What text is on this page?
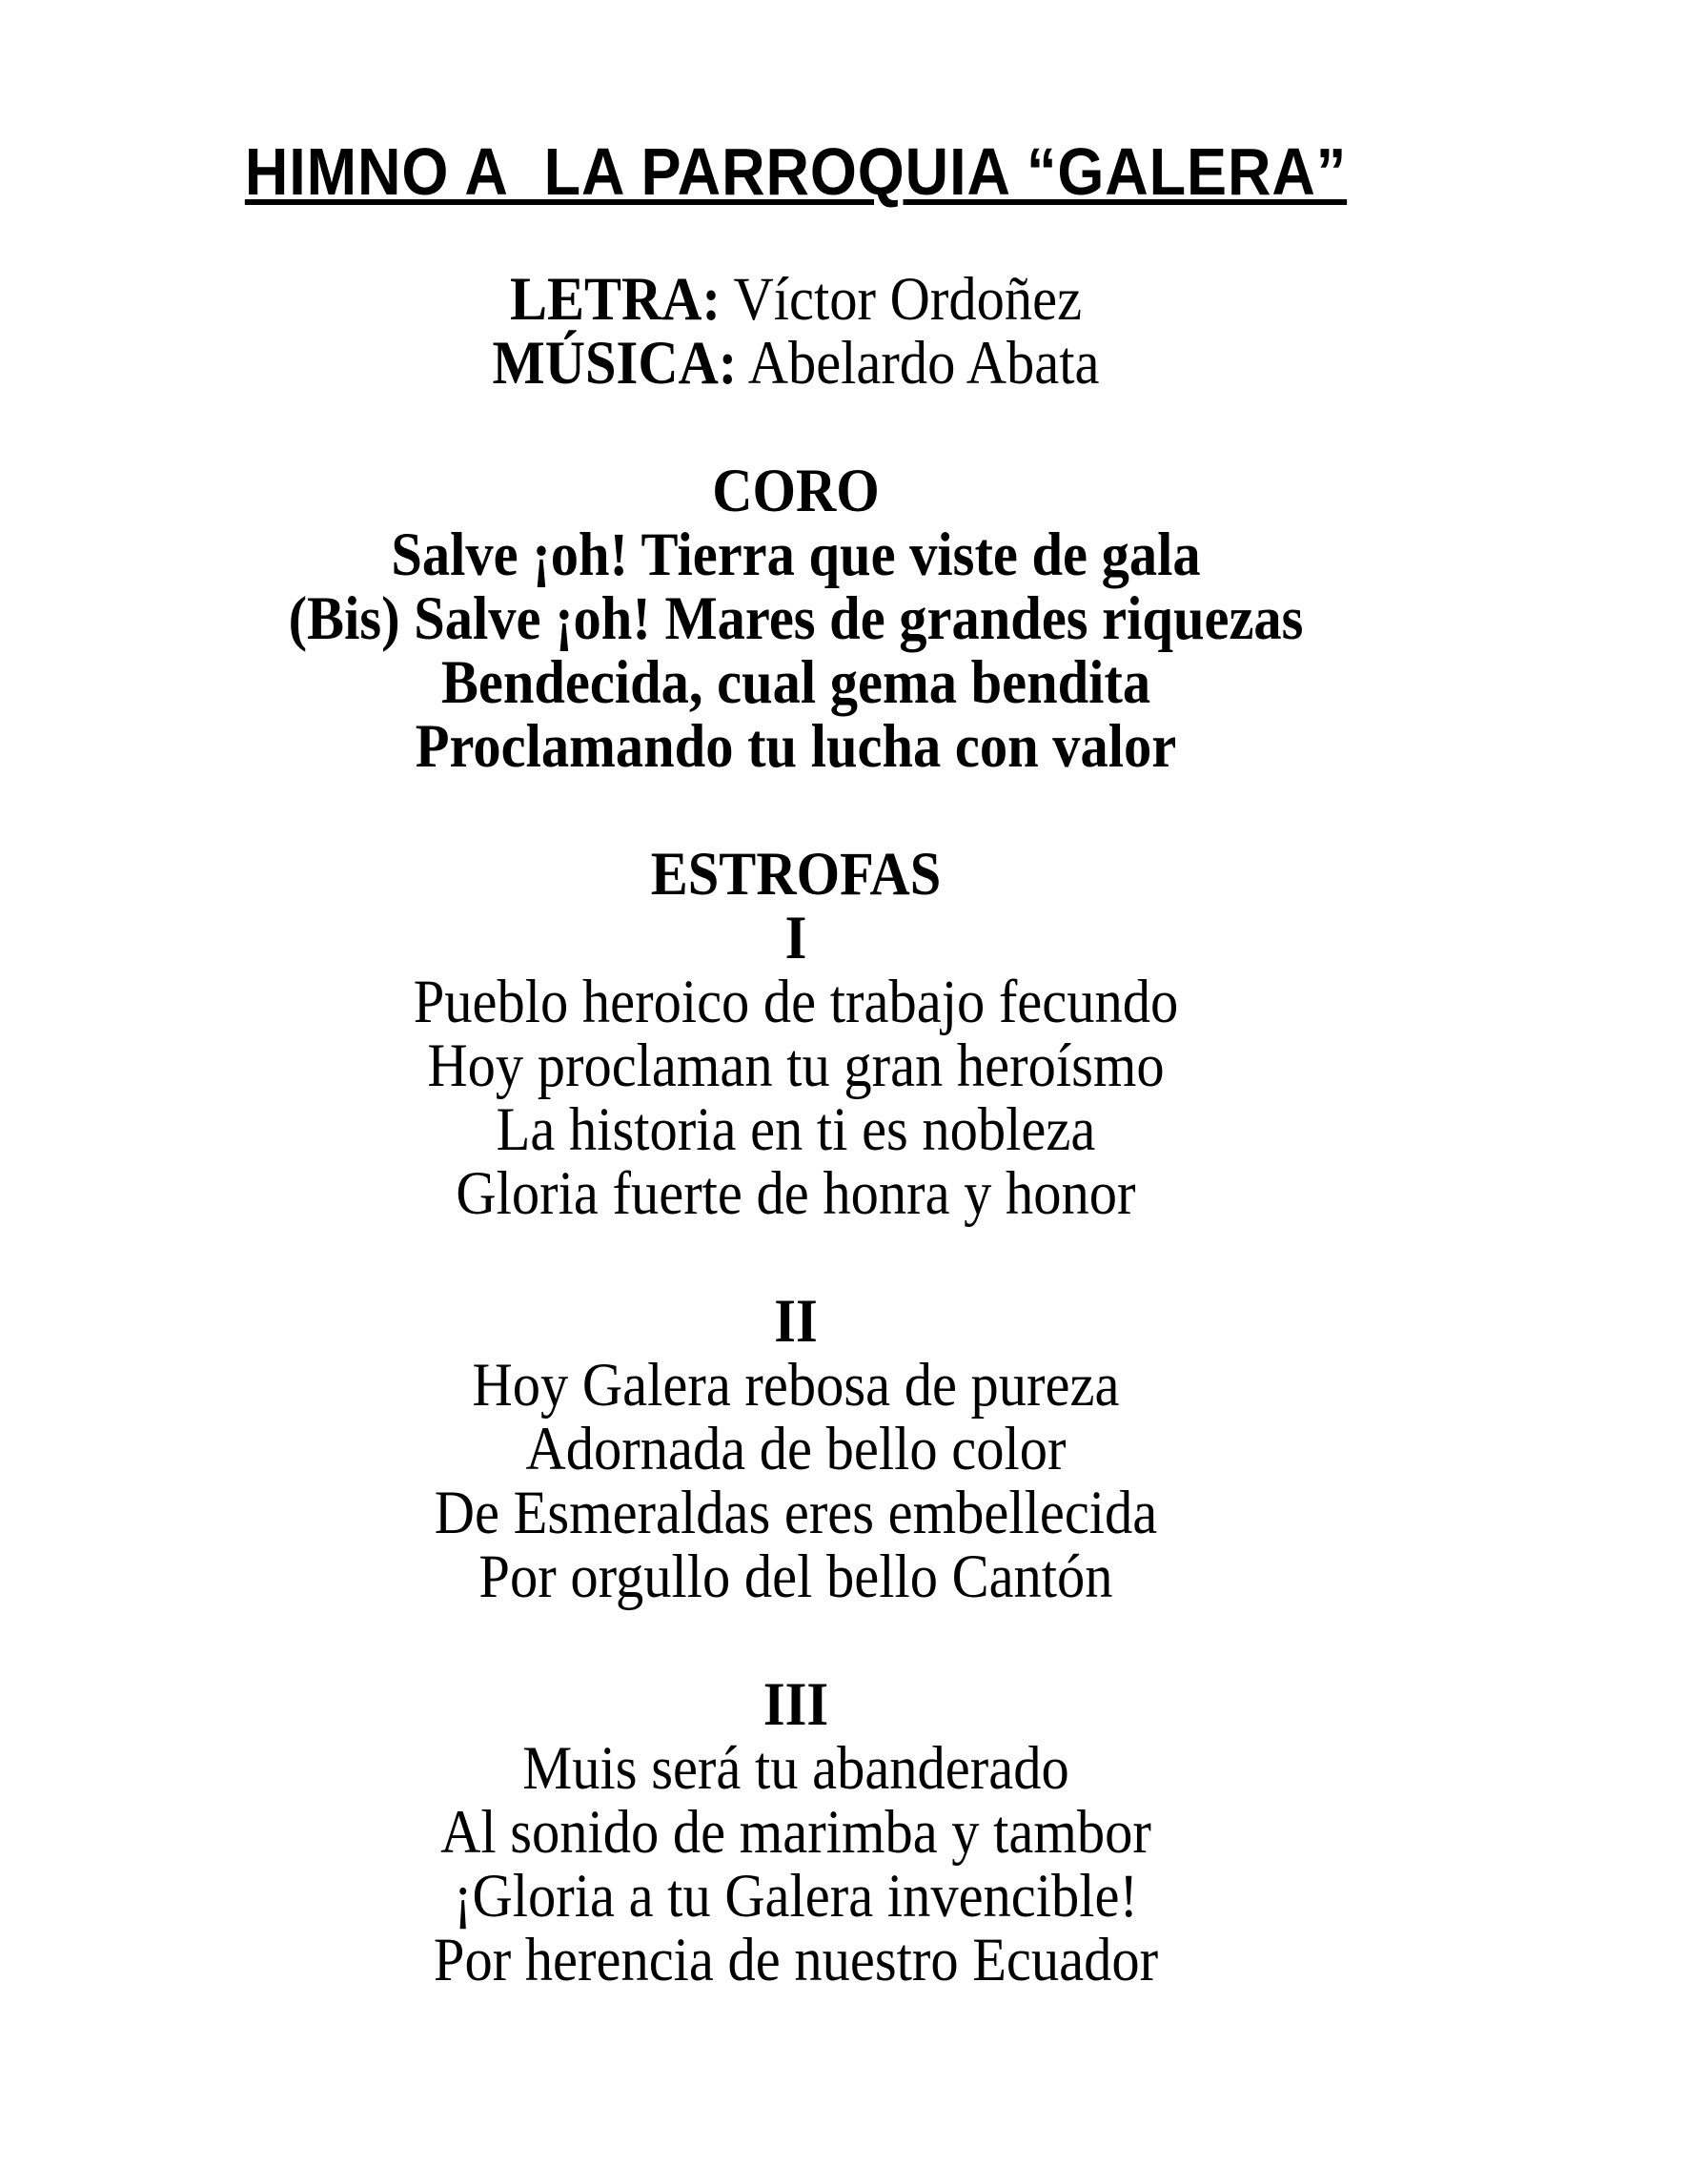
HIMNO A  LA PARROQUIA “GALERA”
LETRA: Víctor Ordoñez
MÚSICA: Abelardo Abata
CORO
Salve ¡oh! Tierra que viste de gala
(Bis) Salve ¡oh! Mares de grandes riquezas
Bendecida, cual gema bendita
Proclamando tu lucha con valor
ESTROFAS
I
Pueblo heroico de trabajo fecundo
Hoy proclaman tu gran heroísmo
La historia en ti es nobleza
Gloria fuerte de honra y honor
II
Hoy Galera rebosa de pureza
Adornada de bello color
De Esmeraldas eres embellecida
Por orgullo del bello Cantón
III
Muis será tu abanderado
Al sonido de marimba y tambor
¡Gloria a tu Galera invencible!
Por herencia de nuestro Ecuador
